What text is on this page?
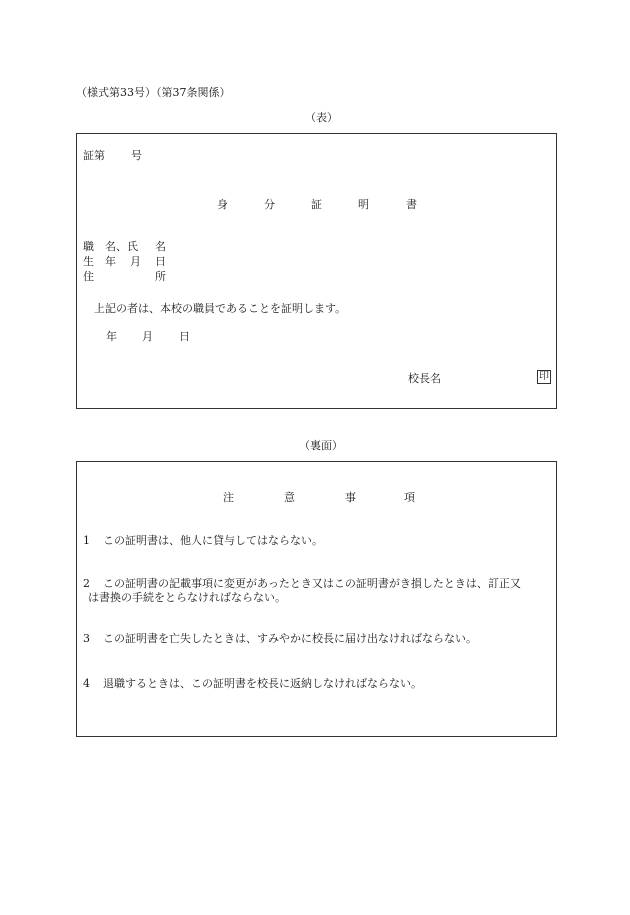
（様式第33号）（第37条関係）
（表）
証第 号
身	分	証	明	書
職 名、氏 名
生 年 月 日
住	所
上記の者は、本校の職員であることを証明します。
年 月 日
校長名	印
（裏面）
注	意	事	項
1 この証明書は、他人に貸与してはならない。
2 この証明書の記載事項に変更があったとき又はこの証明書がき損したときは、訂正又
は書換の手続をとらなければならない。
3 この証明書を亡失したときは、すみやかに校長に届け出なければならない。
4 退職するときは、この証明書を校長に返納しなければならない。
